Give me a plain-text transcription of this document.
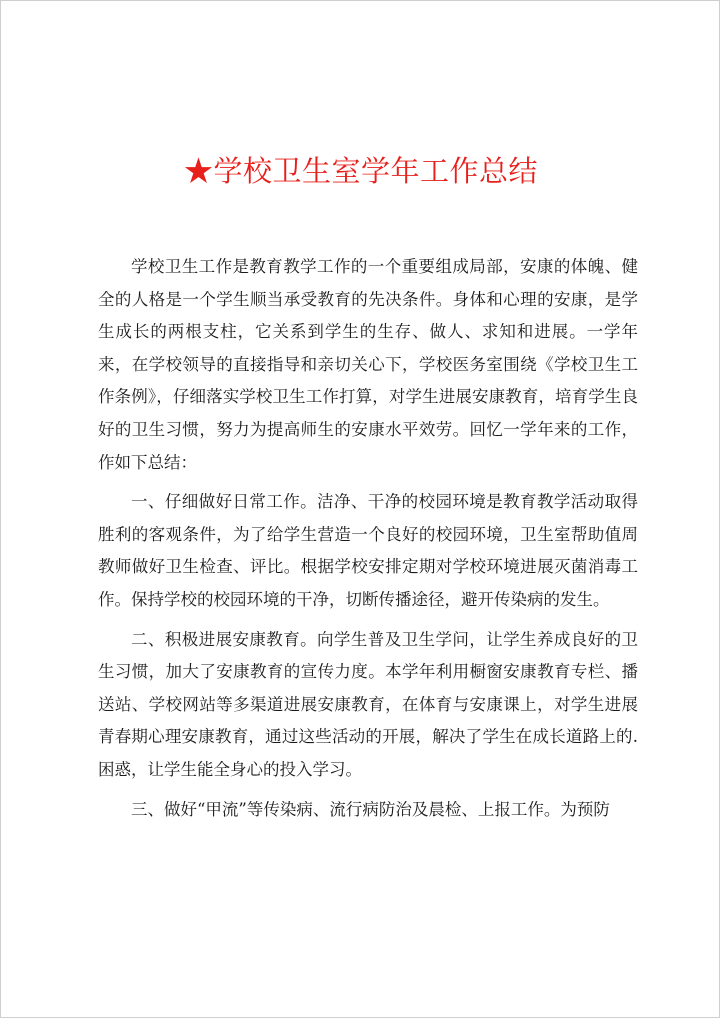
★学校卫生室学年工作总结

学校卫生工作是教育教学工作的一个重要组成局部，安康的体魄、健全的人格是一个学生顺当承受教育的先决条件。身体和心理的安康，是学生成长的两根支柱，它关系到学生的生存、做人、求知和进展。一学年来，在学校领导的直接指导和亲切关心下，学校医务室围绕《学校卫生工作条例》，仔细落实学校卫生工作打算，对学生进展安康教育，培育学生良好的卫生习惯，努力为提高师生的安康水平效劳。回忆一学年来的工作，作如下总结：

一、仔细做好日常工作。洁净、干净的校园环境是教育教学活动取得胜利的客观条件，为了给学生营造一个良好的校园环境，卫生室帮助值周教师做好卫生检查、评比。根据学校安排定期对学校环境进展灭菌消毒工作。保持学校的校园环境的干净，切断传播途径，避开传染病的发生。

二、积极进展安康教育。向学生普及卫生学问，让学生养成良好的卫生习惯，加大了安康教育的宣传力度。本学年利用橱窗安康教育专栏、播送站、学校网站等多渠道进展安康教育，在体育与安康课上，对学生进展青春期心理安康教育，通过这些活动的开展，解决了学生在成长道路上的.困惑，让学生能全身心的投入学习。

三、做好“甲流”等传染病、流行病防治及晨检、上报工作。为预防
